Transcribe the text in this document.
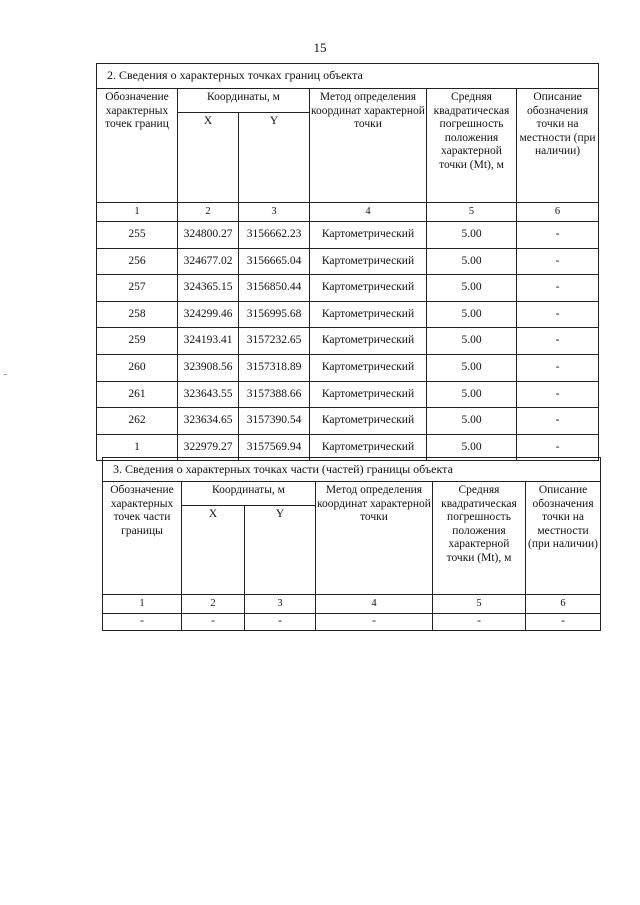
15
2. Сведения о характерных точках границ объекта					
Обозначение характерных точек границ	Координаты, м		Метод определения координат характерной точки	Средняя квадратическая погрешность положения характерной точки (Mt), м	Описание обозначения точки на местности (при наличии)
	X	Y			
1	2	3	4	5	6
255	324800.27	3156662.23	Картометрический	5.00	-
256	324677.02	3156665.04	Картометрический	5.00	-
257	324365.15	3156850.44	Картометрический	5.00	-
258	324299.46	3156995.68	Картометрический	5.00	-
259	324193.41	3157232.65	Картометрический	5.00	-
260	323908.56	3157318.89	Картометрический	5.00	-
261	323643.55	3157388.66	Картометрический	5.00	-
262	323634.65	3157390.54	Картометрический	5.00	-
1	322979.27	3157569.94	Картометрический	5.00	-
3. Сведения о характерных точках части (частей) границы объекта					
Обозначение характерных точек части границы	Координаты, м		Метод определения координат характерной точки	Средняя квадратическая погрешность положения характерной точки (Mt), м	Описание обозначения точки на местности (при наличии)
	X	Y			
1	2	3	4	5	6
-	-	-	-	-	-
